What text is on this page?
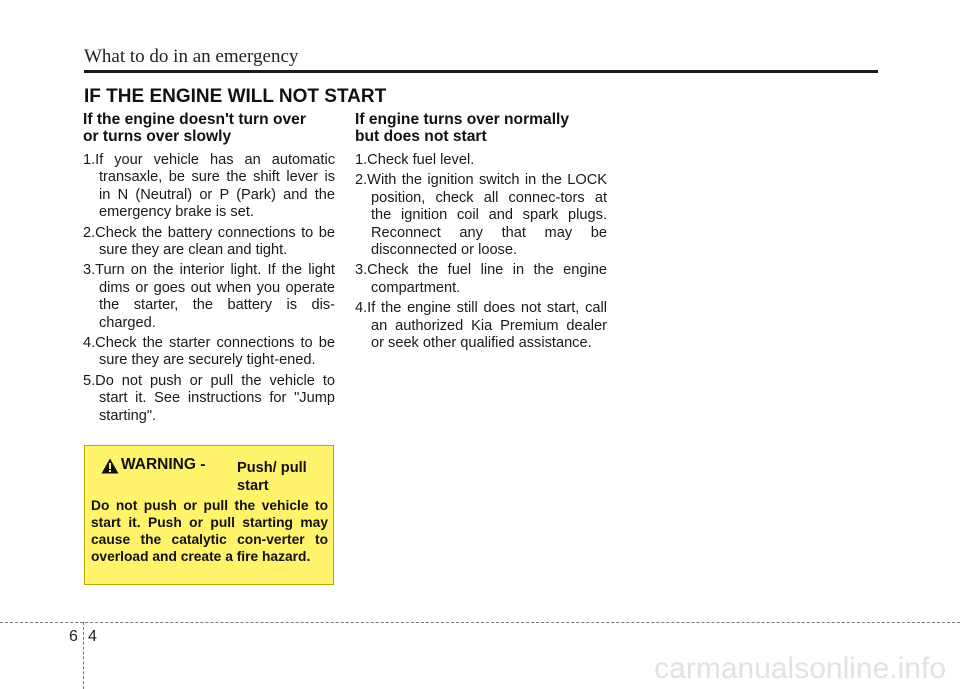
What to do in an emergency
IF THE ENGINE WILL NOT START
If the engine doesn't turn over
or turns over slowly
1.If your vehicle has an automatic transaxle, be sure the shift lever is in N (Neutral) or P (Park) and the emergency brake is set.
2.Check the battery connections to be sure they are clean and tight.
3.Turn on the interior light. If the light dims or goes out when you operate the starter, the battery is dis-charged.
4.Check the starter connections to be sure they are securely tight-ened.
5.Do not push or pull the vehicle to start it. See instructions for "Jump starting".
If engine turns over normally
but does not start
1.Check fuel level.
2.With the ignition switch in the LOCK position, check all connec-tors at the ignition coil and spark plugs. Reconnect any that may be disconnected or loose.
3.Check the fuel line in the engine compartment.
4.If the engine still does not start, call an authorized Kia Premium dealer or seek other qualified assistance.
WARNING - Push/ pull start
Do not push or pull the vehicle to start it. Push or pull starting may cause the catalytic con-verter to overload and create a fire hazard.
6 4
carmanualsonline.info
